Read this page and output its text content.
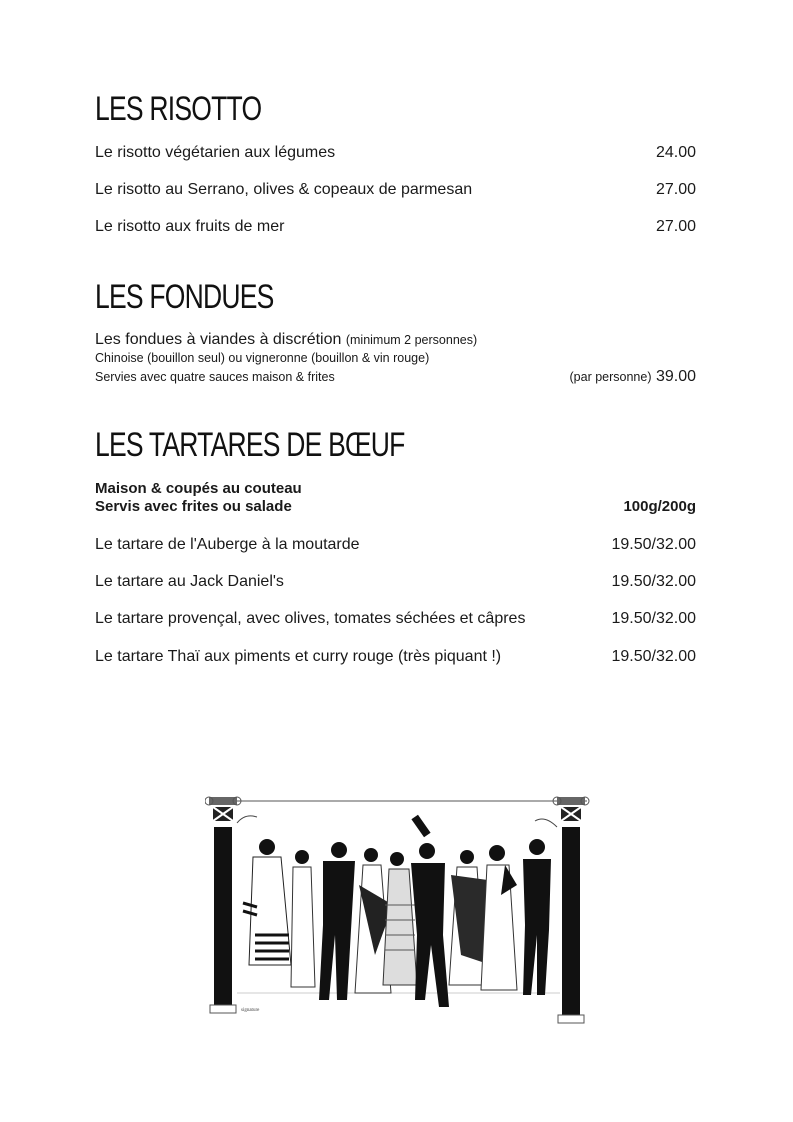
LES RISOTTO
Le risotto végétarien aux légumes	24.00
Le risotto au Serrano, olives & copeaux de parmesan	27.00
Le risotto aux fruits de mer	27.00
LES FONDUES
Les fondues à viandes à discrétion (minimum 2 personnes)
Chinoise (bouillon seul) ou vigneronne (bouillon & vin rouge)
Servies avec quatre sauces maison & frites	(par personne) 39.00
LES TARTARES DE BŒUF
Maison & coupés au couteau
Servis avec frites ou salade	100g/200g
Le tartare de l'Auberge à la moutarde	19.50/32.00
Le tartare au Jack Daniel's	19.50/32.00
Le tartare provençal, avec olives, tomates séchées et câpres	19.50/32.00
Le tartare Thaï aux piments et curry rouge (très piquant !)	19.50/32.00
signature
